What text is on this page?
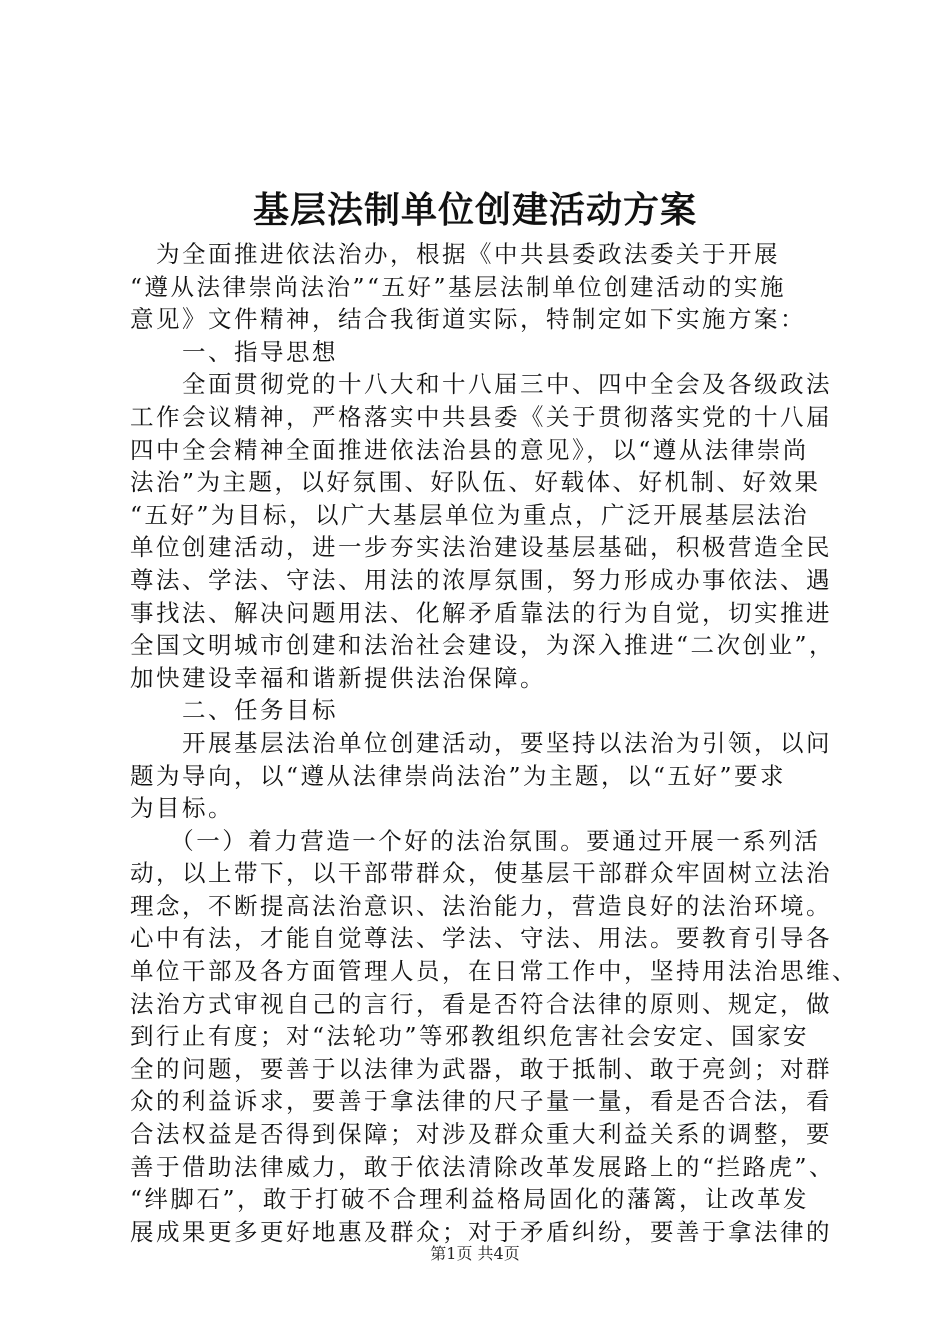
基层法制单位创建活动方案
　为全面推进依法治办，根据《中共县委政法委关于开展
“遵从法律崇尚法治”“五好”基层法制单位创建活动的实施
意见》文件精神，结合我街道实际，特制定如下实施方案：
　　一、指导思想
　　全面贯彻党的十八大和十八届三中、四中全会及各级政法
工作会议精神，严格落实中共县委《关于贯彻落实党的十八届
四中全会精神全面推进依法治县的意见》，以“遵从法律崇尚
法治”为主题，以好氛围、好队伍、好载体、好机制、好效果
“五好”为目标，以广大基层单位为重点，广泛开展基层法治
单位创建活动，进一步夯实法治建设基层基础，积极营造全民
尊法、学法、守法、用法的浓厚氛围，努力形成办事依法、遇
事找法、解决问题用法、化解矛盾靠法的行为自觉，切实推进
全国文明城市创建和法治社会建设，为深入推进“二次创业”，
加快建设幸福和谐新提供法治保障。
　　二、任务目标
　　开展基层法治单位创建活动，要坚持以法治为引领，以问
题为导向，以“遵从法律崇尚法治”为主题，以“五好”要求
为目标。
　　（一）着力营造一个好的法治氛围。要通过开展一系列活
动，以上带下，以干部带群众，使基层干部群众牢固树立法治
理念，不断提高法治意识、法治能力，营造良好的法治环境。
心中有法，才能自觉尊法、学法、守法、用法。要教育引导各
单位干部及各方面管理人员，在日常工作中，坚持用法治思维、
法治方式审视自己的言行，看是否符合法律的原则、规定，做
到行止有度；对“法轮功”等邪教组织危害社会安定、国家安
全的问题，要善于以法律为武器，敢于抵制、敢于亮剑；对群
众的利益诉求，要善于拿法律的尺子量一量，看是否合法，看
合法权益是否得到保障；对涉及群众重大利益关系的调整，要
善于借助法律威力，敢于依法清除改革发展路上的“拦路虎”、
“绊脚石”，敢于打破不合理利益格局固化的藩篱，让改革发
展成果更多更好地惠及群众；对于矛盾纠纷，要善于拿法律的
第1页 共4页
